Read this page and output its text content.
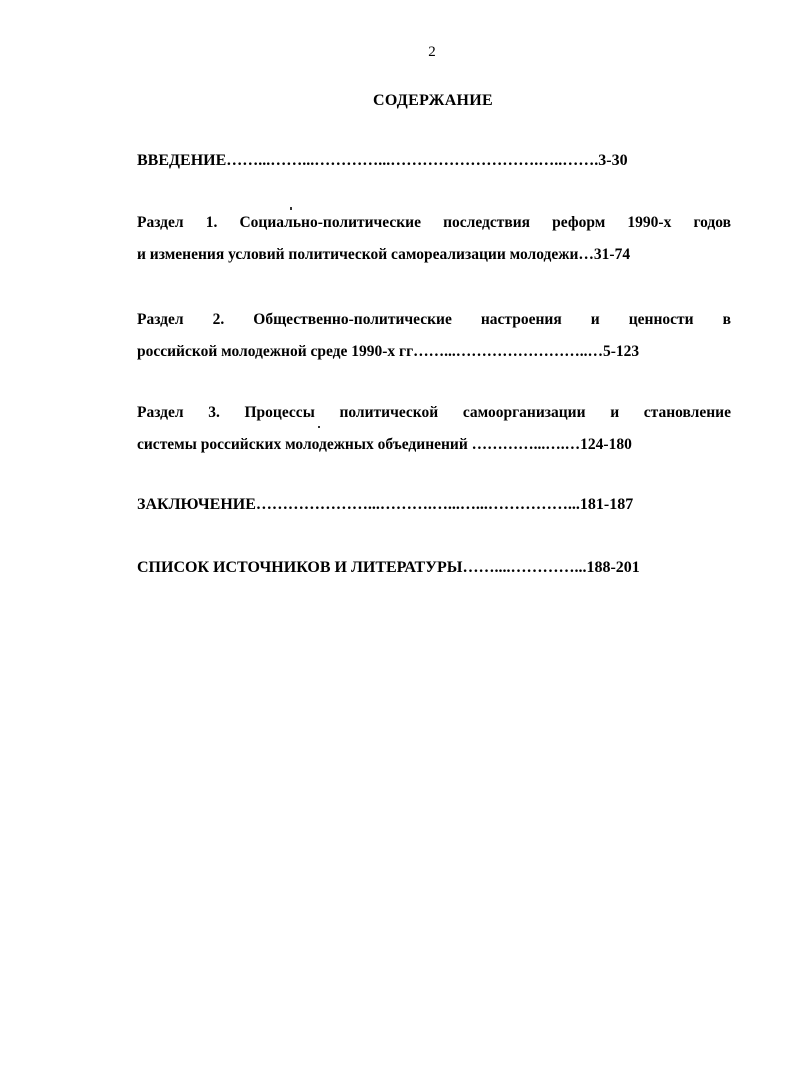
2
СОДЕРЖАНИЕ
ВВЕДЕНИЕ……...……...…………...……………………….…..…….3-30
Раздел 1. Социально-политические последствия реформ 1990-х годов
и изменения условий политической самореализации молодежи…31-74
Раздел 2. Общественно-политические настроения и ценности в
российской молодежной среде 1990-х гг……...……………………..…5-123
Раздел 3. Процессы политической самоорганизации и становление
системы российских молодежных объединений …………...….…124-180
ЗАКЛЮЧЕНИЕ…………………...……….…...…...……………...181-187
СПИСОК ИСТОЧНИКОВ И ЛИТЕРАТУРЫ……....…………...188-201
